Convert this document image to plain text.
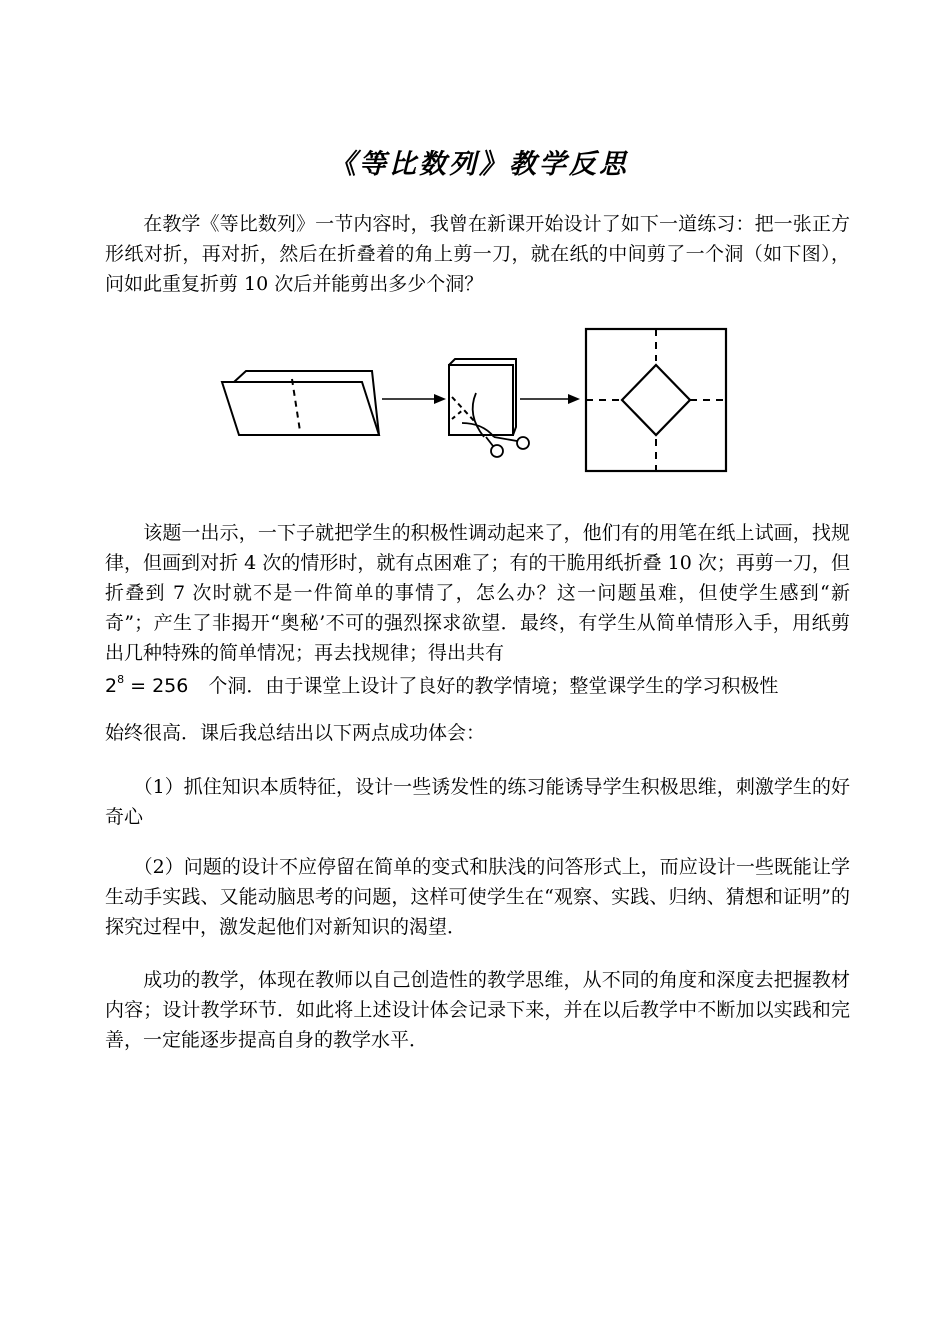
《等比数列》教学反思

　　在教学《等比数列》一节内容时，我曾在新课开始设计了如下一道练习：把一张正方形纸对折，再对折，然后在折叠着的角上剪一刀，就在纸的中间剪了一个洞（如下图），问如此重复折剪 10 次后并能剪出多少个洞？

　　该题一出示，一下子就把学生的积极性调动起来了，他们有的用笔在纸上试画，找规律，但画到对折 4 次的情形时，就有点困难了；有的干脆用纸折叠 10 次；再剪一刀，但折叠到 7 次时就不是一件简单的事情了，怎么办？这一问题虽难，但使学生感到“新奇”；产生了非揭开“奥秘’不可的强烈探求欲望．最终，有学生从简单情形入手，用纸剪出几种特殊的简单情况；再去找规律；得出共有

$2^8 = 256$ 个洞．由于课堂上设计了良好的教学情境；整堂课学生的学习积极性

始终很高．课后我总结出以下两点成功体会：

　　（1）抓住知识本质特征，设计一些诱发性的练习能诱导学生积极思维，刺激学生的好奇心

　　（2）问题的设计不应停留在简单的变式和肤浅的问答形式上，而应设计一些既能让学生动手实践、又能动脑思考的问题，这样可使学生在“观察、实践、归纳、猜想和证明”的探究过程中，激发起他们对新知识的渴望．

　　成功的教学，体现在教师以自己创造性的教学思维，从不同的角度和深度去把握教材内容；设计教学环节．如此将上述设计体会记录下来，并在以后教学中不断加以实践和完善，一定能逐步提高自身的教学水平．
